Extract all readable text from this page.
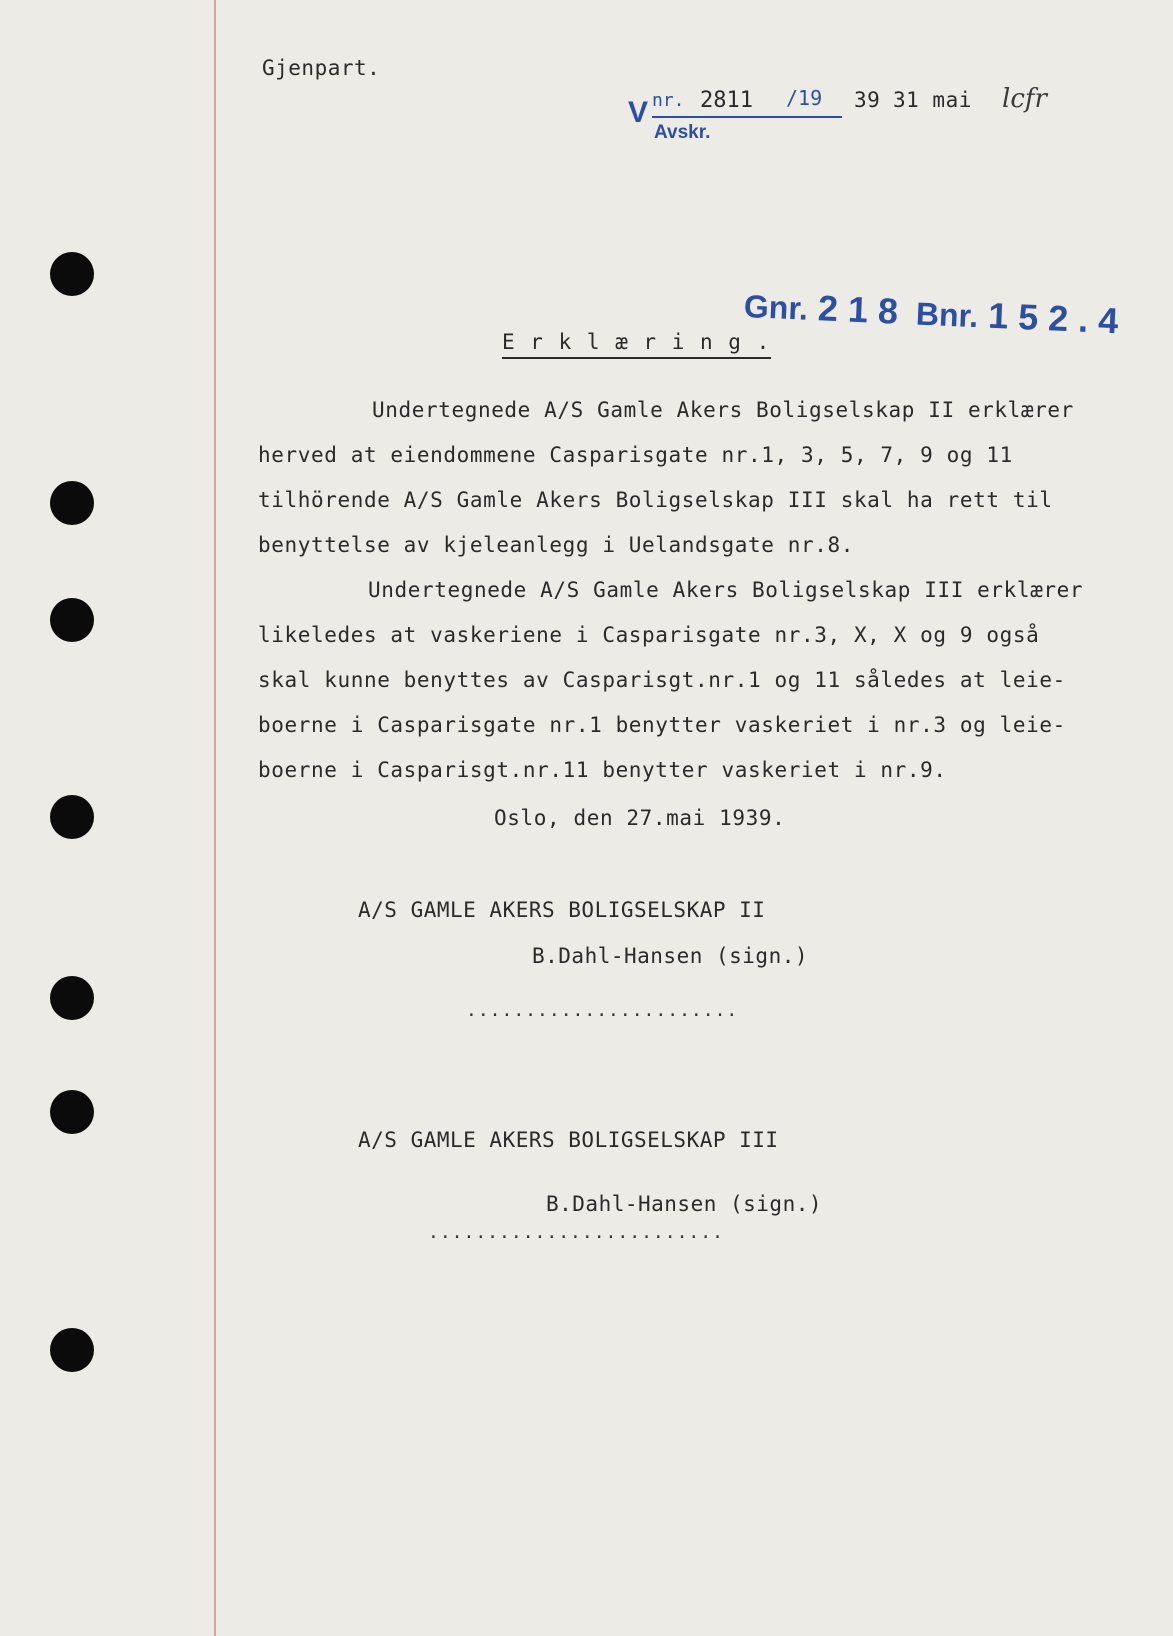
Gjenpart.
V nr. 2811 /19
Avskr.
39 31 mai lcfr
Gnr. 2 1 8 Bnr. 1 5 2 . 4
E r k l æ r i n g .
Undertegnede A/S Gamle Akers Boligselskap II erklærer
herved at eiendommene Casparisgate nr.1, 3, 5, 7, 9 og 11
tilhörende A/S Gamle Akers Boligselskap III skal ha rett til
benyttelse av kjeleanlegg i Uelandsgate nr.8.
Undertegnede A/S Gamle Akers Boligselskap III erklærer
likeledes at vaskeriene i Casparisgate nr.3, X, X og 9 også
skal kunne benyttes av Casparisgt.nr.1 og 11 således at leie-
boerne i Casparisgate nr.1 benytter vaskeriet i nr.3 og leie-
boerne i Casparisgt.nr.11 benytter vaskeriet i nr.9.
Oslo, den 27.mai 1939.
A/S GAMLE AKERS BOLIGSELSKAP II
B.Dahl-Hansen (sign.)
.......................
A/S GAMLE AKERS BOLIGSELSKAP III
B.Dahl-Hansen (sign.)
.........................
